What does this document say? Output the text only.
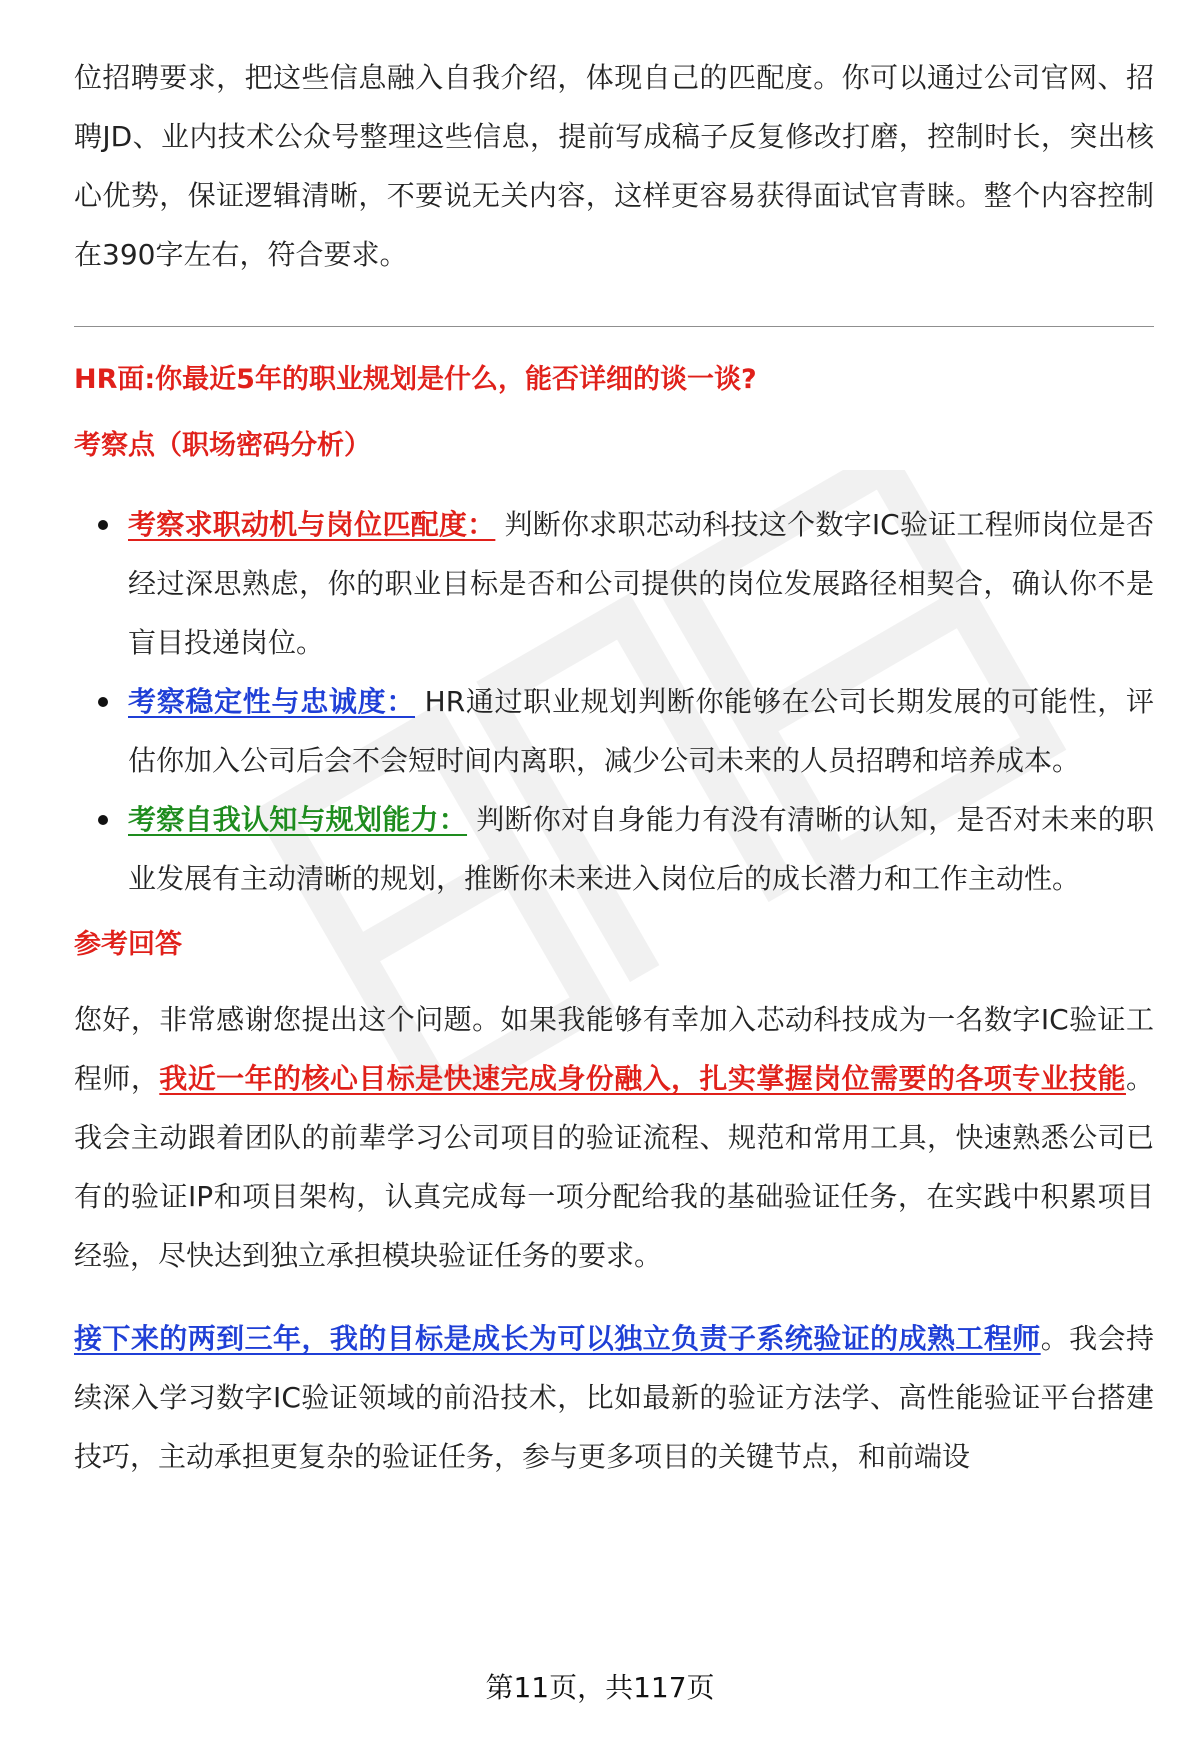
位招聘要求，把这些信息融入自我介绍，体现自己的匹配度。你可以通过公司官网、招聘JD、业内技术公众号整理这些信息，提前写成稿子反复修改打磨，控制时长，突出核心优势，保证逻辑清晰，不要说无关内容，这样更容易获得面试官青睐。整个内容控制在390字左右，符合要求。

HR面:你最近5年的职业规划是什么，能否详细的谈一谈?

考察点（职场密码分析）

考察求职动机与岗位匹配度： 判断你求职芯动科技这个数字IC验证工程师岗位是否经过深思熟虑，你的职业目标是否和公司提供的岗位发展路径相契合，确认你不是盲目投递岗位。
考察稳定性与忠诚度： HR通过职业规划判断你能够在公司长期发展的可能性，评估你加入公司后会不会短时间内离职，减少公司未来的人员招聘和培养成本。
考察自我认知与规划能力： 判断你对自身能力有没有清晰的认知，是否对未来的职业发展有主动清晰的规划，推断你未来进入岗位后的成长潜力和工作主动性。

参考回答

您好，非常感谢您提出这个问题。如果我能够有幸加入芯动科技成为一名数字IC验证工程师，我近一年的核心目标是快速完成身份融入，扎实掌握岗位需要的各项专业技能。我会主动跟着团队的前辈学习公司项目的验证流程、规范和常用工具，快速熟悉公司已有的验证IP和项目架构，认真完成每一项分配给我的基础验证任务，在实践中积累项目经验，尽快达到独立承担模块验证任务的要求。

接下来的两到三年，我的目标是成长为可以独立负责子系统验证的成熟工程师。我会持续深入学习数字IC验证领域的前沿技术，比如最新的验证方法学、高性能验证平台搭建技巧，主动承担更复杂的验证任务，参与更多项目的关键节点，和前端设

第11页，共117页
